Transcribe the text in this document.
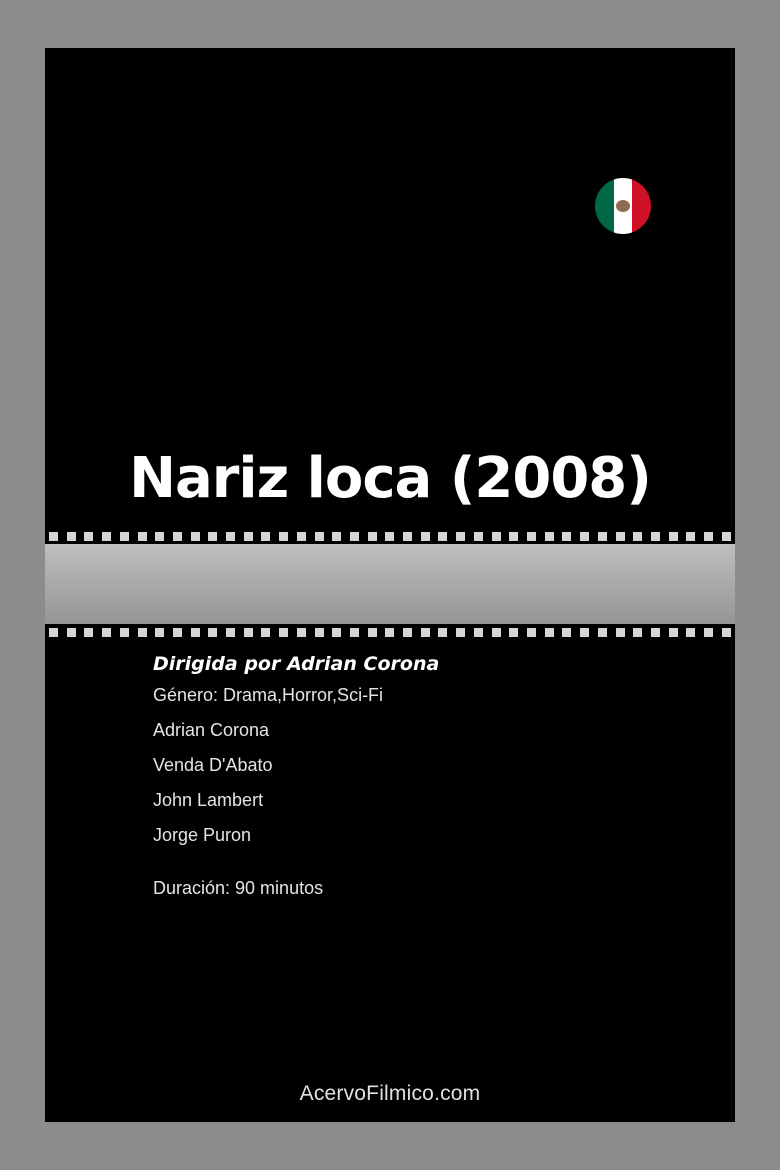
Nariz loca (2008)
Dirigida por Adrian Corona
Género: Drama,Horror,Sci-Fi
Adrian Corona
Venda D'Abato
John Lambert
Jorge Puron
Duración: 90 minutos
AcervoFilmico.com
